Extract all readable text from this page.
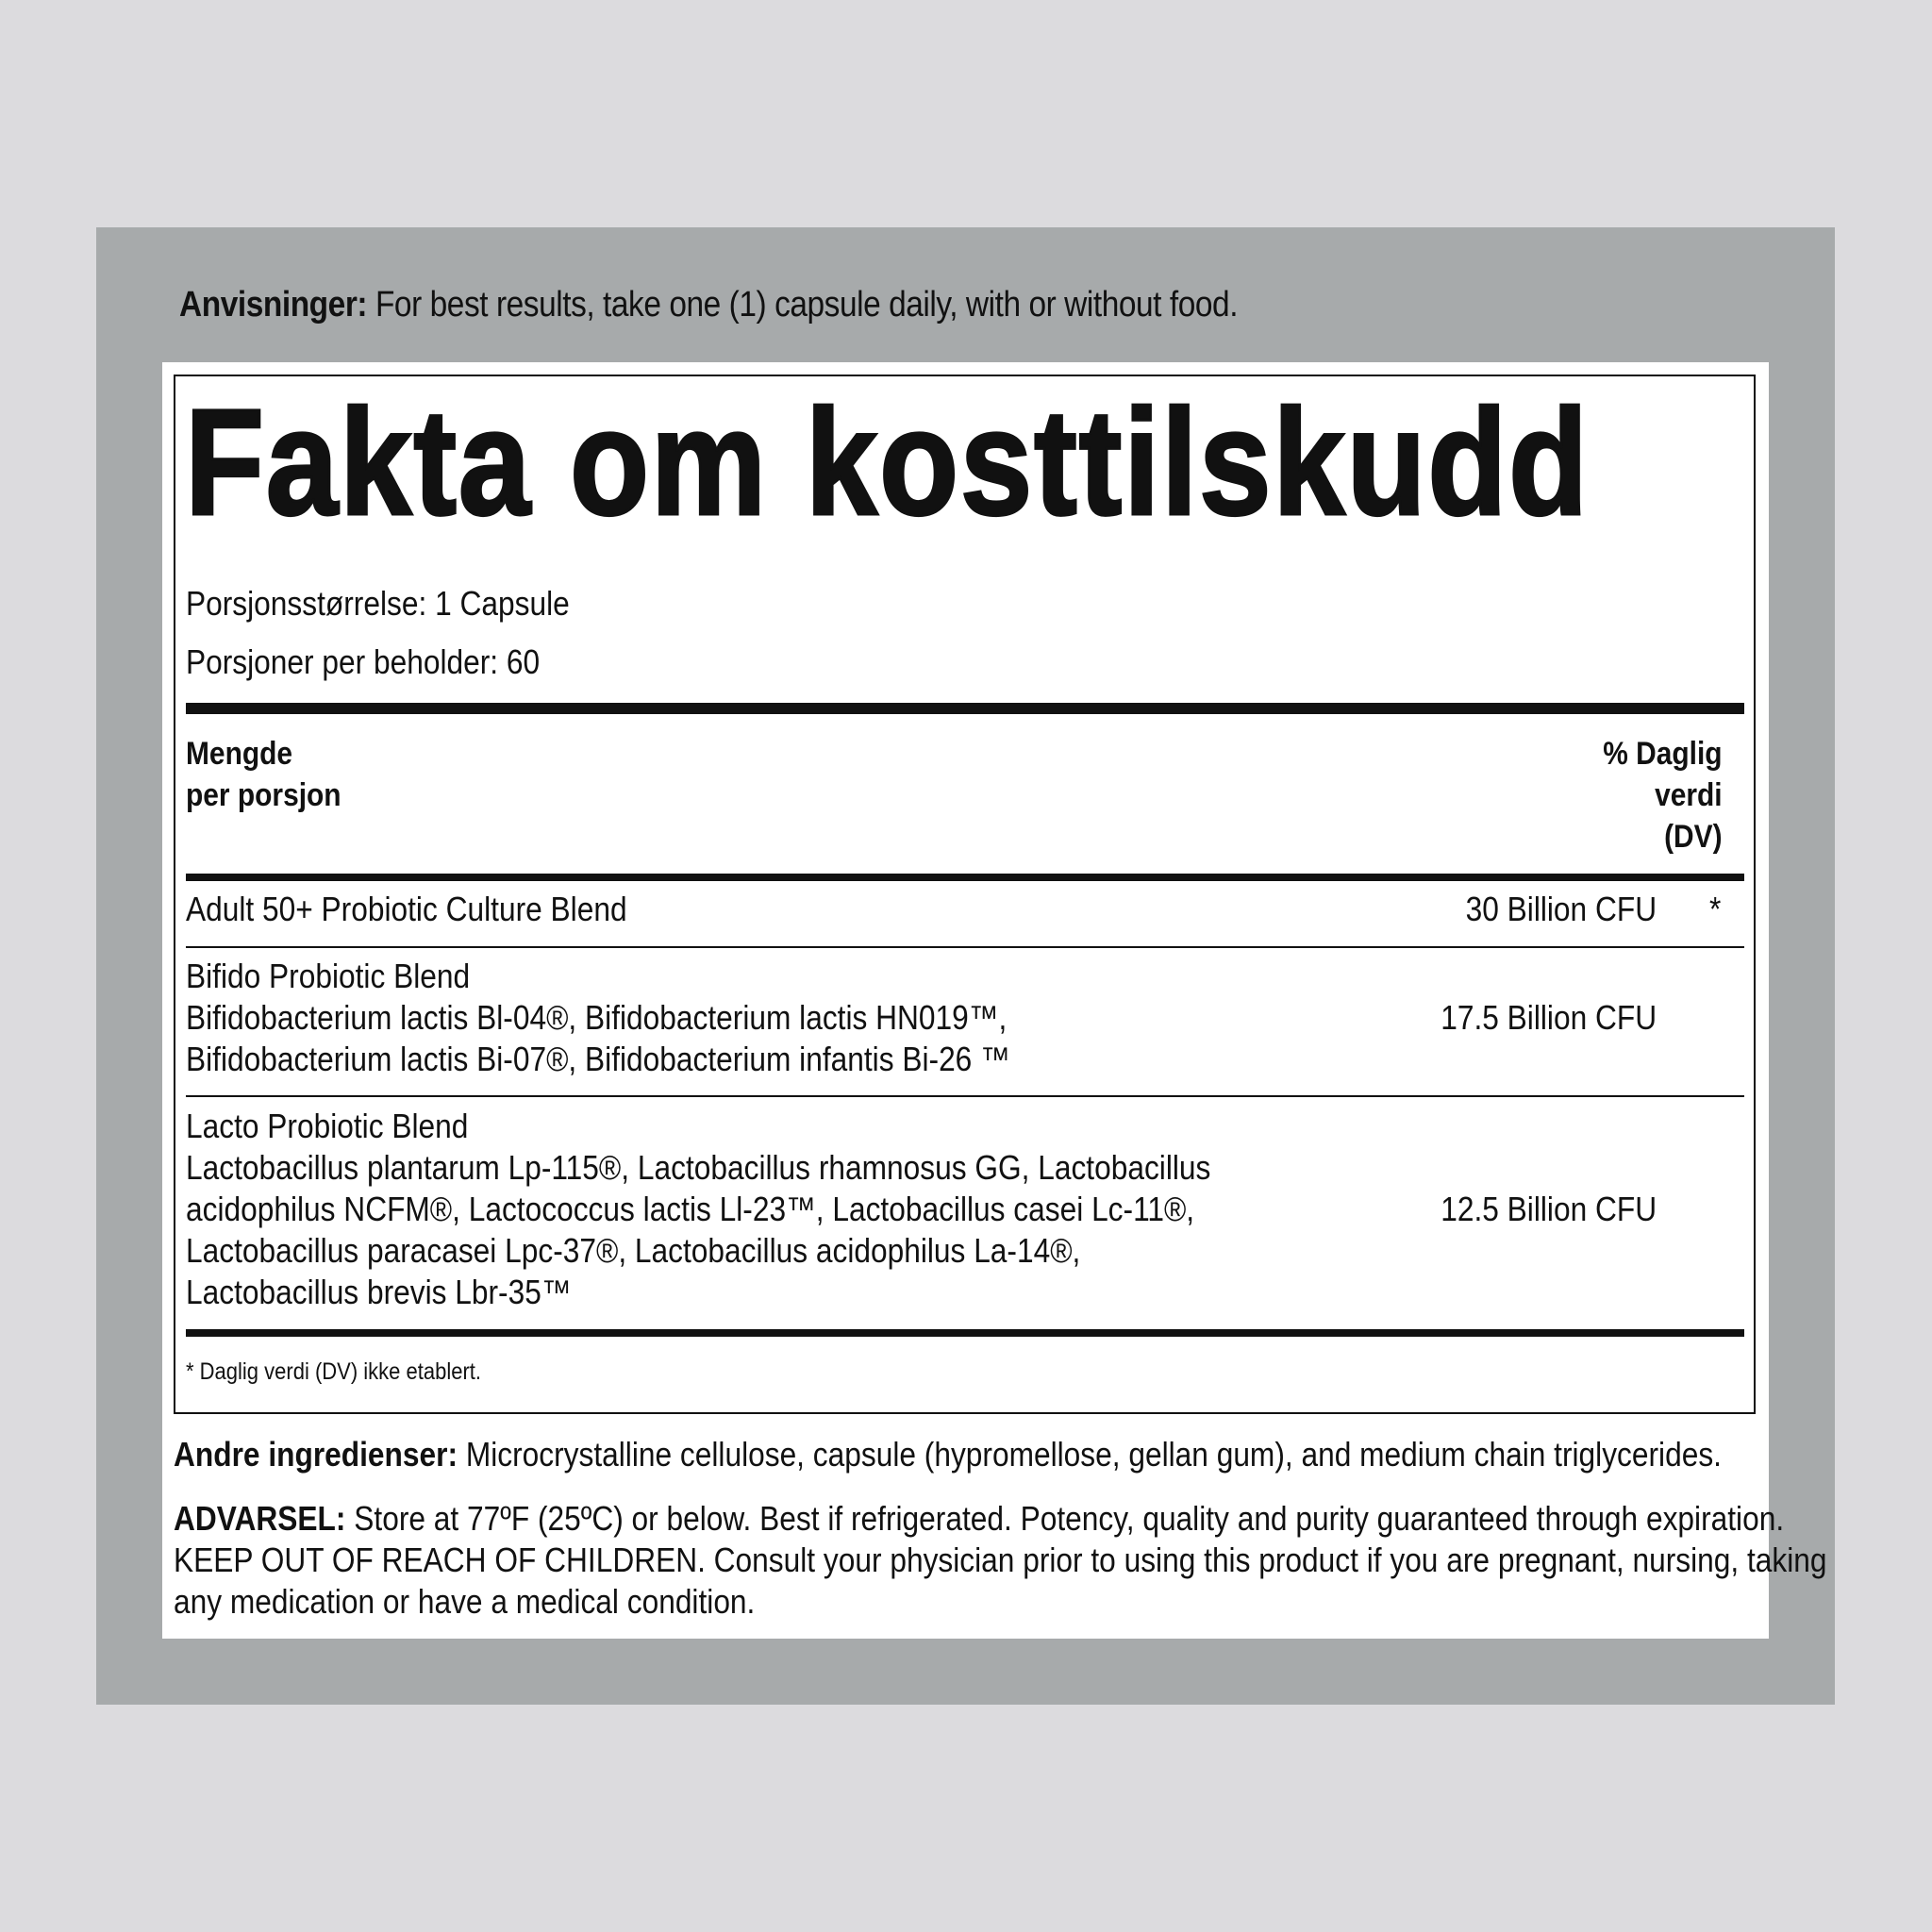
Anvisninger: For best results, take one (1) capsule daily, with or without food.
Fakta om kosttilskudd
Porsjonsstørrelse: 1 Capsule
Porsjoner per beholder: 60
Mengde
per porsjon
% Daglig
verdi
(DV)
Adult 50+ Probiotic Culture Blend	30 Billion CFU *
Bifido Probiotic Blend
Bifidobacterium lactis Bl-04®, Bifidobacterium lactis HN019™,
Bifidobacterium lactis Bi-07®, Bifidobacterium infantis Bi-26 ™
17.5 Billion CFU
Lacto Probiotic Blend
Lactobacillus plantarum Lp-115®, Lactobacillus rhamnosus GG, Lactobacillus
acidophilus NCFM®, Lactococcus lactis Ll-23™, Lactobacillus casei Lc-11®,
Lactobacillus paracasei Lpc-37®, Lactobacillus acidophilus La-14®,
Lactobacillus brevis Lbr-35™
12.5 Billion CFU
* Daglig verdi (DV) ikke etablert.
Andre ingredienser: Microcrystalline cellulose, capsule (hypromellose, gellan gum), and medium chain triglycerides.
ADVARSEL: Store at 77ºF (25ºC) or below. Best if refrigerated. Potency, quality and purity guaranteed through expiration.
KEEP OUT OF REACH OF CHILDREN. Consult your physician prior to using this product if you are pregnant, nursing, taking
any medication or have a medical condition.
